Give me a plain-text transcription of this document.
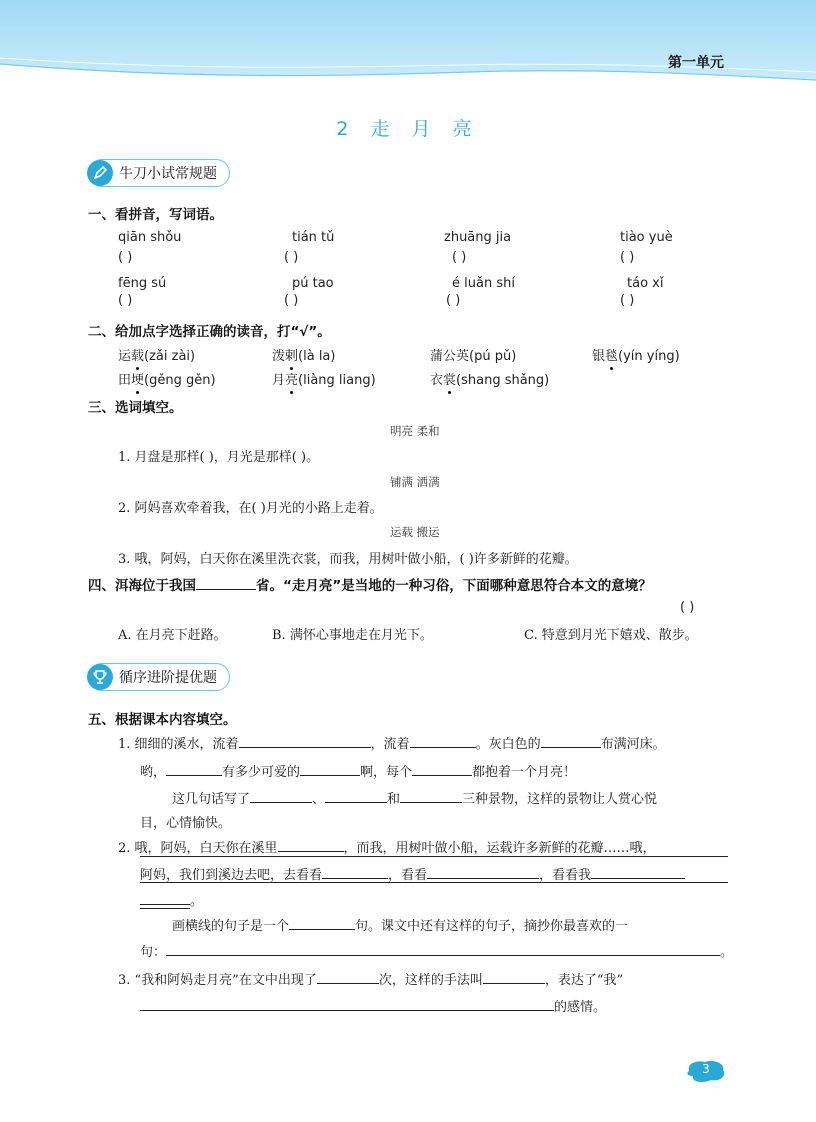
第一单元
2 走 月 亮
牛刀小试常规题
一、看拼音，写词语。
qiān shǒu	tián tǔ	zhuāng jia	tiào yuè
( )	( )	( )	( )
fēng sú	pú tao	é luǎn shí	táo xǐ
( )	( )	( )	( )
二、给加点字选择正确的读音，打“√”。
运载(zǎi zài)	泼剌(là la)	蒲公英(pú pǔ)	银毯(yín yíng)
田埂(gěng gěn)	月亮(liàng liang)	衣裳(shang shǎng)
三、选词填空。
明亮 柔和
1. 月盘是那样( )，月光是那样( )。
铺满 洒满
2. 阿妈喜欢牵着我，在( )月光的小路上走着。
运载 搬运
3. 哦，阿妈，白天你在溪里洗衣裳，而我，用树叶做小船，( )许多新鲜的花瓣。
四、洱海位于我国	省。“走月亮”是当地的一种习俗，下面哪种意思符合本文的意境？
( )
A. 在月亮下赶路。	B. 满怀心事地走在月光下。	C. 特意到月光下嬉戏、散步。
循序进阶提优题
五、根据课本内容填空。
1. 细细的溪水，流着	，流着	。灰白色的	布满河床。
哟，	有多少可爱的	啊，每个	都抱着一个月亮！
这几句话写了	、	和	三种景物，这样的景物让人赏心悦
目，心情愉快。
2. 哦，阿妈，白天你在溪里	，而我，用树叶做小船，运载许多新鲜的花瓣……哦，
阿妈，我们到溪边去吧，去看看	，看看	，看看我
。
画横线的句子是一个	句。课文中还有这样的句子，摘抄你最喜欢的一
句：	。
3. “我和阿妈走月亮”在文中出现了	次，这样的手法叫	，表达了“我”
的感情。
3
